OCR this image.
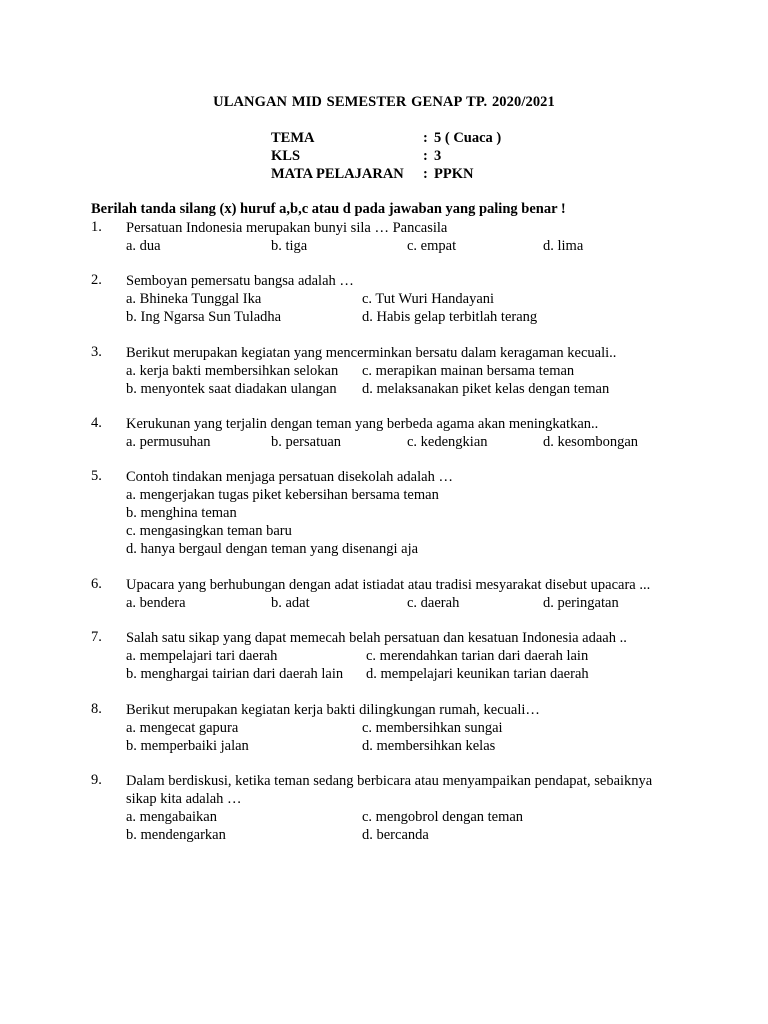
ULANGAN MID SEMESTER GENAP TP. 2020/2021
TEMA	: 5 ( Cuaca )
KLS	: 3
MATA PELAJARAN : PPKN
Berilah tanda silang (x) huruf a,b,c atau d pada jawaban yang paling benar !
1. Persatuan Indonesia merupakan bunyi sila … Pancasila
a. dua	b. tiga	c. empat	d. lima
2. Semboyan pemersatu bangsa adalah …
a. Bhineka Tunggal Ika	c. Tut Wuri Handayani
b. Ing Ngarsa Sun Tuladha	d. Habis gelap terbitlah terang
3. Berikut merupakan kegiatan yang mencerminkan bersatu dalam keragaman kecuali..
a. kerja bakti membersihkan selokan c. merapikan mainan bersama teman
b. menyontek saat diadakan ulangan d. melaksanakan piket kelas dengan teman
4. Kerukunan yang terjalin dengan teman yang berbeda agama akan meningkatkan..
a. permusuhan	b. persatuan	c. kedengkian	d. kesombongan
5. Contoh tindakan menjaga persatuan disekolah adalah …
a. mengerjakan tugas piket kebersihan bersama teman
b. menghina teman
c. mengasingkan teman baru
d. hanya bergaul dengan teman yang disenangi aja
6. Upacara yang berhubungan dengan adat istiadat atau tradisi mesyarakat disebut upacara ...
a. bendera	b. adat	c. daerah	d. peringatan
7. Salah satu sikap yang dapat memecah belah persatuan dan kesatuan Indonesia adaah ..
a. mempelajari tari daerah	c. merendahkan tarian dari daerah lain
b. menghargai tairian dari daerah lain d. mempelajari keunikan tarian daerah
8. Berikut merupakan kegiatan kerja bakti dilingkungan rumah, kecuali…
a. mengecat gapura	c. membersihkan sungai
b. memperbaiki jalan	d. membersihkan kelas
9. Dalam berdiskusi, ketika teman sedang berbicara atau menyampaikan pendapat, sebaiknya sikap kita adalah …
a. mengabaikan	c. mengobrol dengan teman
b. mendengarkan	d. bercanda
